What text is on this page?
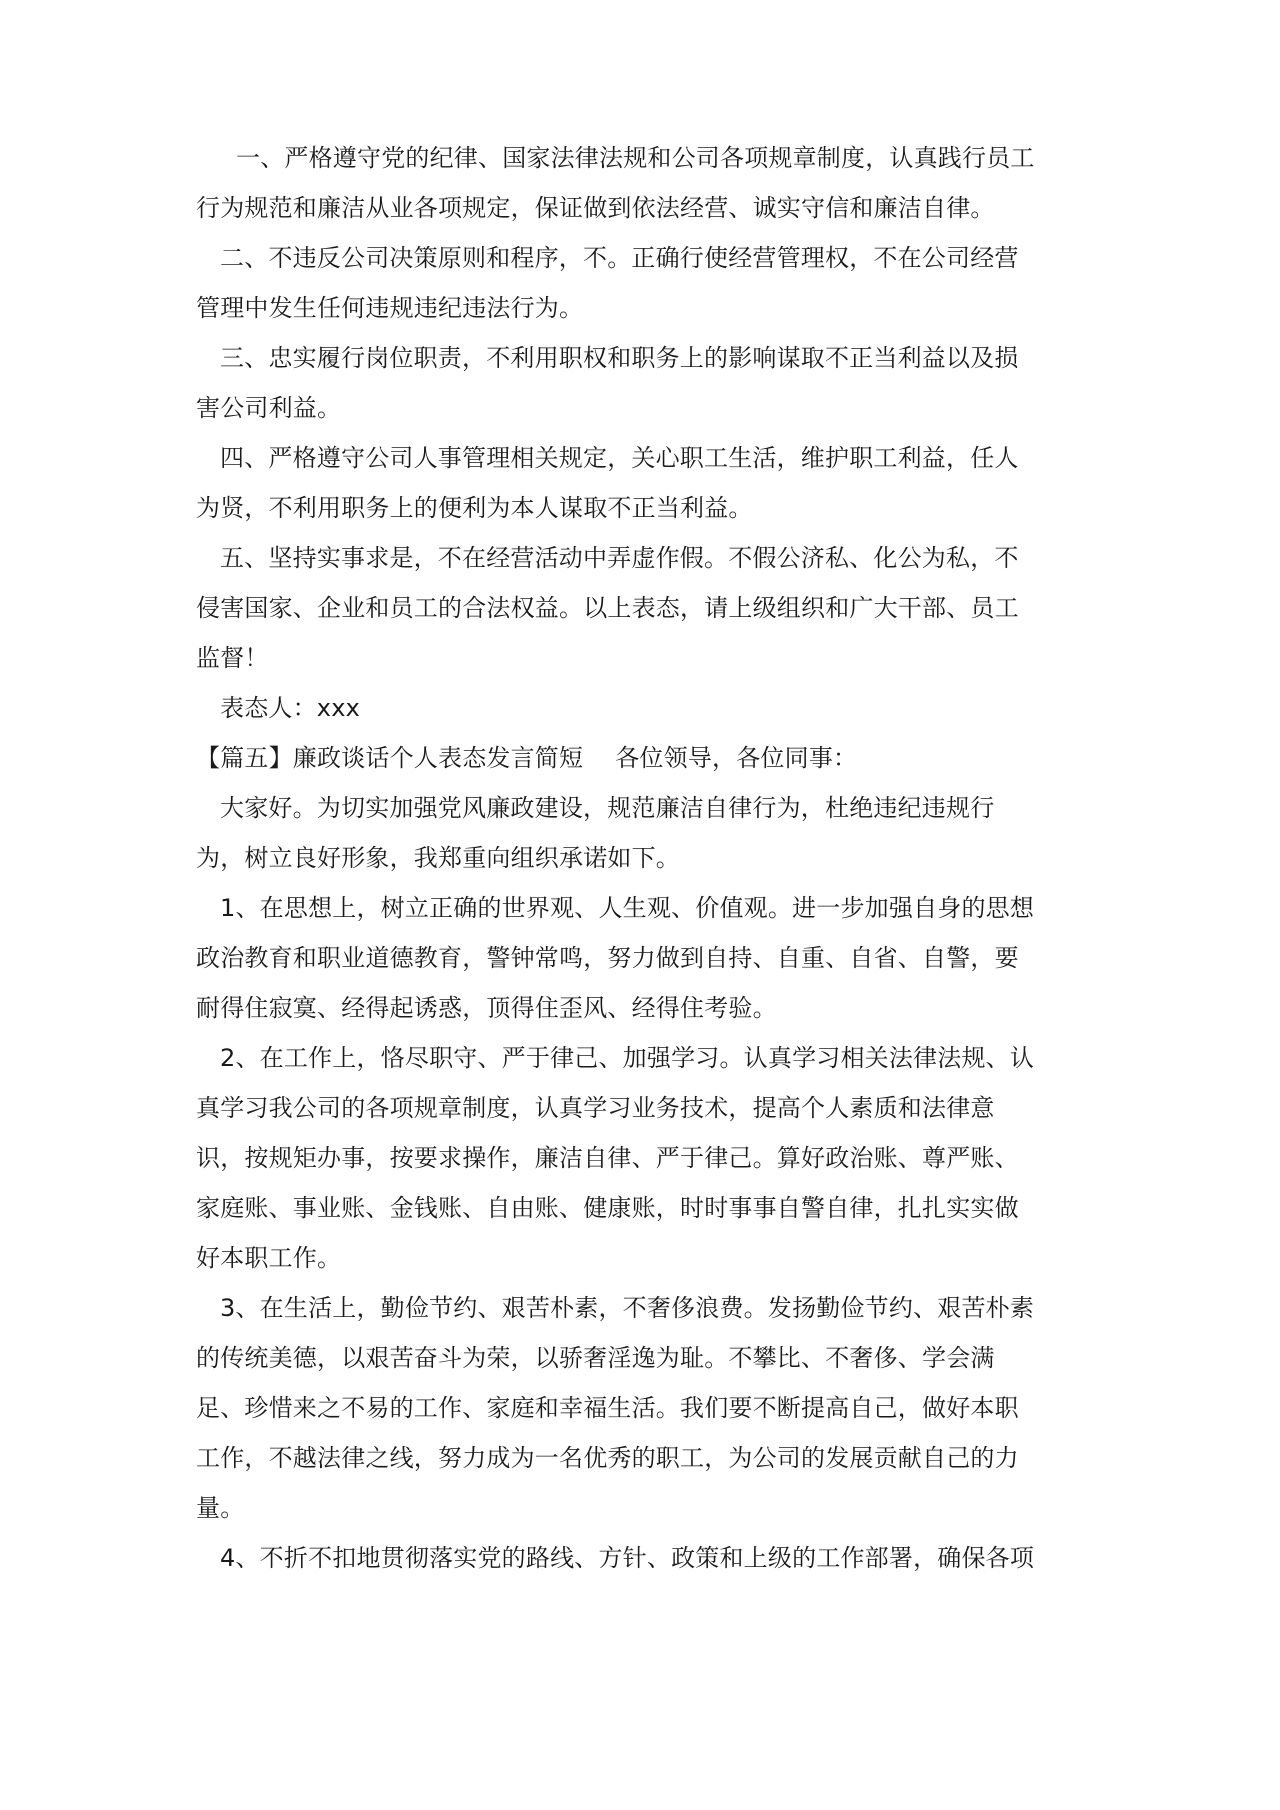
一、严格遵守党的纪律、国家法律法规和公司各项规章制度，认真践行员工

行为规范和廉洁从业各项规定，保证做到依法经营、诚实守信和廉洁自律。

二、不违反公司决策原则和程序，不。正确行使经营管理权，不在公司经营

管理中发生任何违规违纪违法行为。

三、忠实履行岗位职责，不利用职权和职务上的影响谋取不正当利益以及损

害公司利益。

四、严格遵守公司人事管理相关规定，关心职工生活，维护职工利益，任人

为贤，不利用职务上的便利为本人谋取不正当利益。

五、坚持实事求是，不在经营活动中弄虚作假。不假公济私、化公为私，不

侵害国家、企业和员工的合法权益。以上表态，请上级组织和广大干部、员工

监督！

表态人：xxx

【篇五】廉政谈话个人表态发言简短　 各位领导，各位同事：

大家好。为切实加强党风廉政建设，规范廉洁自律行为，杜绝违纪违规行

为，树立良好形象，我郑重向组织承诺如下。

1、在思想上，树立正确的世界观、人生观、价值观。进一步加强自身的思想

政治教育和职业道德教育，警钟常鸣，努力做到自持、自重、自省、自警，要

耐得住寂寞、经得起诱惑，顶得住歪风、经得住考验。

2、在工作上，恪尽职守、严于律己、加强学习。认真学习相关法律法规、认

真学习我公司的各项规章制度，认真学习业务技术，提高个人素质和法律意

识，按规矩办事，按要求操作，廉洁自律、严于律己。算好政治账、尊严账、

家庭账、事业账、金钱账、自由账、健康账，时时事事自警自律，扎扎实实做

好本职工作。

3、在生活上，勤俭节约、艰苦朴素，不奢侈浪费。发扬勤俭节约、艰苦朴素

的传统美德，以艰苦奋斗为荣，以骄奢淫逸为耻。不攀比、不奢侈、学会满

足、珍惜来之不易的工作、家庭和幸福生活。我们要不断提高自己，做好本职

工作，不越法律之线，努力成为一名优秀的职工，为公司的发展贡献自己的力

量。

4、不折不扣地贯彻落实党的路线、方针、政策和上级的工作部署，确保各项
